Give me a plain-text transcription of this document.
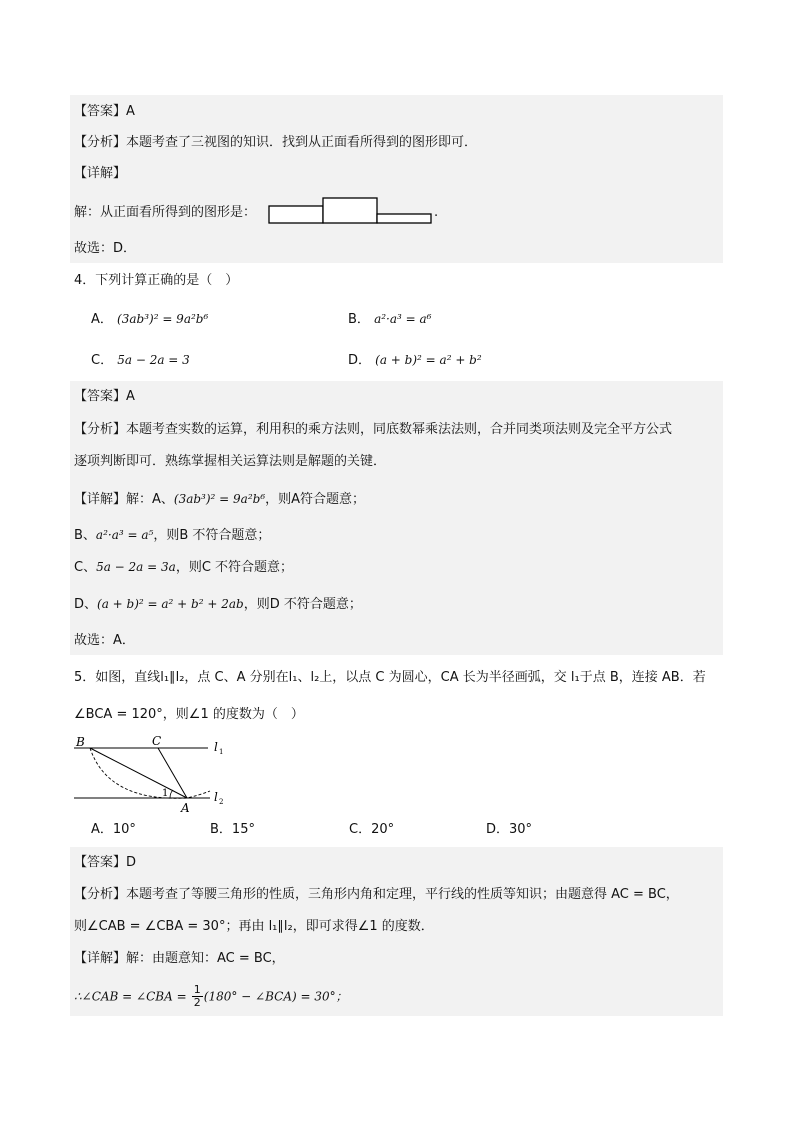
【答案】A
【分析】本题考查了三视图的知识．找到从正面看所得到的图形即可．
【详解】
解：从正面看所得到的图形是：	.
故选：D．
4．下列计算正确的是（　）
A． (3ab³)² = 9a²b⁶	B． a²·a³ = a⁶
C． 5a − 2a = 3	D． (a + b)² = a² + b²
【答案】A
【分析】本题考查实数的运算，利用积的乘方法则，同底数幂乘法法则，合并同类项法则及完全平方公式
逐项判断即可．熟练掌握相关运算法则是解题的关键．
【详解】解：A、(3ab³)² = 9a²b⁶，则A符合题意；
B、a²·a³ = a⁵，则B 不符合题意；
C、5a − 2a = 3a，则C 不符合题意；
D、(a + b)² = a² + b² + 2ab，则D 不符合题意；
故选：A．
5．如图，直线l₁∥l₂，点 C、A 分别在l₁、l₂上，以点 C 为圆心，CA 长为半径画弧，交 l₁于点 B，连接 AB．若
∠BCA = 120°，则∠1 的度数为（　）
B	C
A
1
l 1
l 2
A．10°	B．15°	C．20°	D．30°
【答案】D
【分析】本题考查了等腰三角形的性质，三角形内角和定理，平行线的性质等知识；由题意得 AC = BC，
则∠CAB = ∠CBA = 30°；再由 l₁∥l₂，即可求得∠1 的度数．
【详解】解：由题意知：AC = BC，
∴∠CAB = ∠CBA = $\frac{1}{2} (180^\circ$ − ∠BCA) = 30°；
